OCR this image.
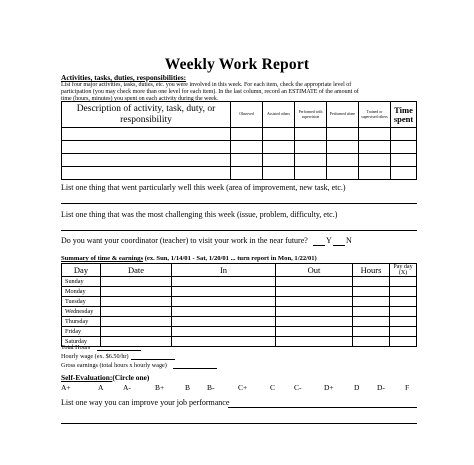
Weekly Work Report
Activities, tasks, duties, responsibilities:
List four major activities, tasks, duties, etc. you were involved in this week. For each item, check the appropriate level of
participation (you may check more than one level for each item). In the last column, record an ESTIMATE of the amount of
time (hours, minutes) you spent on each activity during the week.
Description of activity, task, duty, or responsibility	Observed	Assisted others	Performed with supervision	Performed alone	Trained or supervised others	Time spent

List one thing that went particularly well this week (area of improvement, new task, etc.)
List one thing that was the most challenging this week (issue, problem, difficulty, etc.)
Do you want your coordinator (teacher) to visit your work in the near future? Y N
Summary of time & earnings (ex. Sun, 1/14/01 - Sat, 1/20/01 ... turn report in Mon, 1/22/01)
Day	Date	In	Out	Hours	Pay day (X)
Sunday					
Monday					
Tuesday					
Wednesday					
Thursday					
Friday					
Saturday					
Total Hours
Hourly wage (ex. $6.50/hr)
Gross earnings (total hours x hourly wage)
Self-Evaluation:(Circle one)
A+	A	A-	B+	B B-	C+	C	C-	D+	D D-	F
List one way you can improve your job performance
